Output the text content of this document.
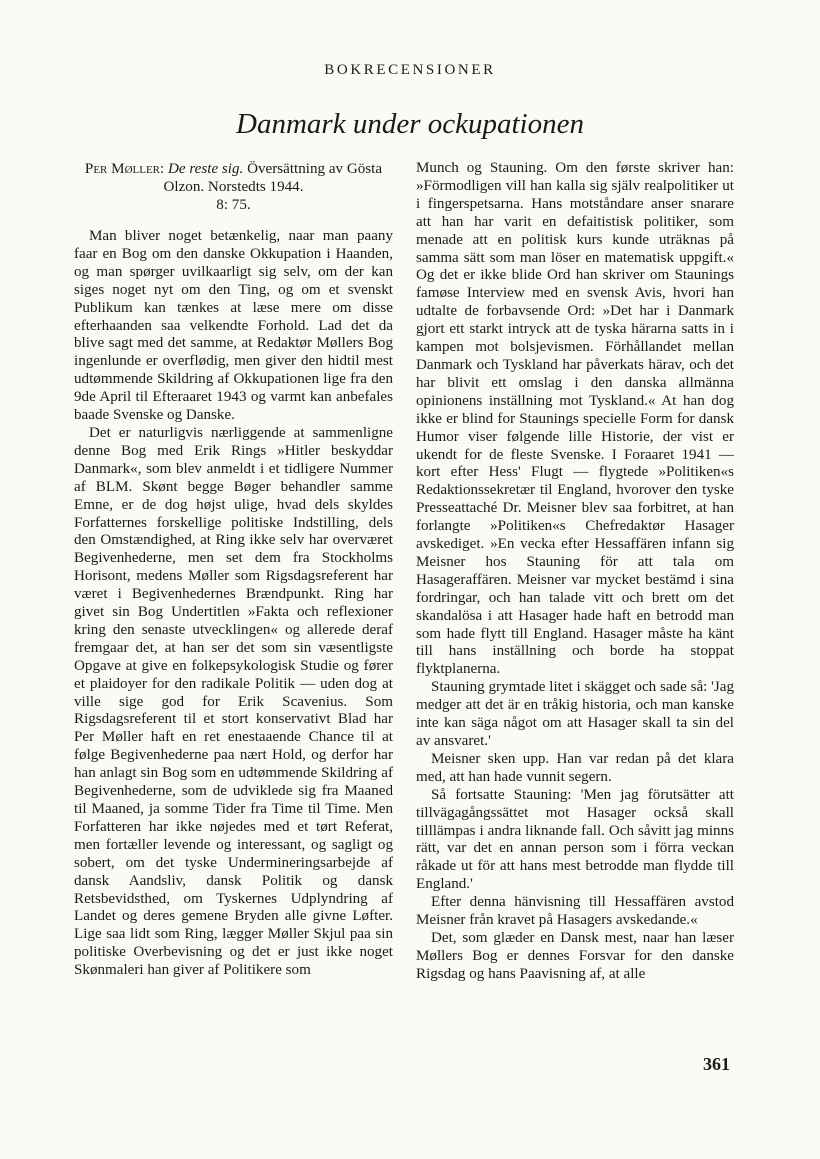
BOKRECENSIONER
Danmark under ockupationen
Per Møller: De reste sig. Översättning av Gösta Olzon. Norstedts 1944.
8: 75.

Man bliver noget betænkelig, naar man paany faar en Bog om den danske Okkupation i Haanden, og man spørger uvilkaarligt sig selv, om der kan siges noget nyt om den Ting, og om et svenskt Publikum kan tænkes at læse mere om disse efterhaanden saa velkendte Forhold. Lad det da blive sagt med det samme, at Redaktør Møllers Bog ingenlunde er overflødig, men giver den hidtil mest udtømmende Skildring af Okkupationen lige fra den 9de April til Efteraaret 1943 og varmt kan anbefales baade Svenske og Danske.

Det er naturligvis nærliggende at sammenligne denne Bog med Erik Rings »Hitler beskyddar Danmark«, som blev anmeldt i et tidligere Nummer af BLM. Skønt begge Bøger behandler samme Emne, er de dog højst ulige, hvad dels skyldes Forfatternes forskellige politiske Indstilling, dels den Omstændighed, at Ring ikke selv har overværet Begivenhederne, men set dem fra Stockholms Horisont, medens Møller som Rigsdagsreferent har været i Begivenhedernes Brændpunkt. Ring har givet sin Bog Undertitlen »Fakta och reflexioner kring den senaste utvecklingen« og allerede deraf fremgaar det, at han ser det som sin væsentligste Opgave at give en folkepsykologisk Studie og fører et plaidoyer for den radikale Politik — uden dog at ville sige god for Erik Scavenius. Som Rigsdagsreferent til et stort konservativt Blad har Per Møller haft en ret enestaaende Chance til at følge Begivenhederne paa nært Hold, og derfor har han anlagt sin Bog som en udtømmende Skildring af Begivenhederne, som de udviklede sig fra Maaned til Maaned, ja somme Tider fra Time til Time. Men Forfatteren har ikke nøjedes med et tørt Referat, men fortæller levende og interessant, og sagligt og sobert, om det tyske Undermineringsarbejde af dansk Aandsliv, dansk Politik og dansk Retsbevidsthed, om Tyskernes Udplyndring af Landet og deres gemene Bryden alle givne Løfter. Lige saa lidt som Ring, lægger Møller Skjul paa sin politiske Overbevisning og det er just ikke noget Skønmaleri han giver af Politikere som

Munch og Stauning. Om den første skriver han: »Förmodligen vill han kalla sig själv realpolitiker ut i fingerspetsarna. Hans motståndare anser snarare att han har varit en defaitistisk politiker, som menade att en politisk kurs kunde uträknas på samma sätt som man löser en matematisk uppgift.« Og det er ikke blide Ord han skriver om Staunings famøse Interview med en svensk Avis, hvori han udtalte de forbavsende Ord: »Det har i Danmark gjort ett starkt intryck att de tyska härarna satts in i kampen mot bolsjevismen. Förhållandet mellan Danmark och Tyskland har påverkats härav, och det har blivit ett omslag i den danska allmänna opinionens inställning mot Tyskland.« At han dog ikke er blind for Staunings specielle Form for dansk Humor viser følgende lille Historie, der vist er ukendt for de fleste Svenske. I Foraaret 1941 — kort efter Hess' Flugt — flygtede »Politiken«s Redaktionssekretær til England, hvorover den tyske Presseattaché Dr. Meisner blev saa forbitret, at han forlangte »Politiken«s Chefredaktør Hasager avskediget. »En vecka efter Hessaffären infann sig Meisner hos Stauning för att tala om Hasageraffären. Meisner var mycket bestämd i sina fordringar, och han talade vitt och brett om det skandalösa i att Hasager hade haft en betrodd man som hade flytt till England. Hasager måste ha känt till hans inställning och borde ha stoppat flyktplanerna.

Stauning grymtade litet i skägget och sade så: 'Jag medger att det är en tråkig historia, och man kanske inte kan säga något om att Hasager skall ta sin del av ansvaret.'

Meisner sken upp. Han var redan på det klara med, att han hade vunnit segern.

Så fortsatte Stauning: 'Men jag förutsätter att tillvägagångssättet mot Hasager också skall tilllämpas i andra liknande fall. Och såvitt jag minns rätt, var det en annan person som i förra veckan råkade ut för att hans mest betrodde man flydde till England.'

Efter denna hänvisning till Hessaffären avstod Meisner från kravet på Hasagers avskedande.«

Det, som glæder en Dansk mest, naar han læser Møllers Bog er dennes Forsvar for den danske Rigsdag og hans Paavisning af, at alle

361
